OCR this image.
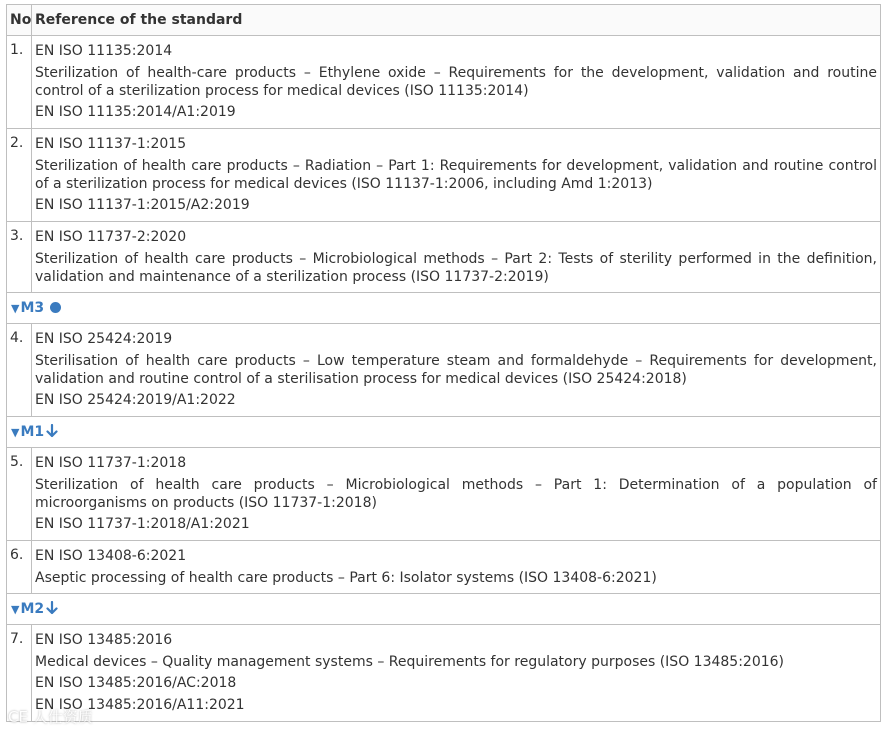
No	Reference of the standard
1.	EN ISO 11135:2014
Sterilization of health-care products – Ethylene oxide – Requirements for the development, validation and routine control of a sterilization process for medical devices (ISO 11135:2014)
EN ISO 11135:2014/A1:2019

2.	EN ISO 11137-1:2015
Sterilization of health care products – Radiation – Part 1: Requirements for development, validation and routine control of a sterilization process for medical devices (ISO 11137-1:2006, including Amd 1:2013)
EN ISO 11137-1:2015/A2:2019

3.	EN ISO 11737-2:2020
Sterilization of health care products – Microbiological methods – Part 2: Tests of sterility performed in the definition, validation and maintenance of a sterilization process (ISO 11737-2:2019)

▼M3	
4.	EN ISO 25424:2019
Sterilisation of health care products – Low temperature steam and formaldehyde – Requirements for development, validation and routine control of a sterilisation process for medical devices (ISO 25424:2018)
EN ISO 25424:2019/A1:2022

▼M1	
5.	EN ISO 11737-1:2018
Sterilization of health care products – Microbiological methods – Part 1: Determination of a population of microorganisms on products (ISO 11737-1:2018)
EN ISO 11737-1:2018/A1:2021

6.	EN ISO 13408-6:2021
Aseptic processing of health care products – Part 6: Isolator systems (ISO 13408-6:2021)

▼M2	
7.	EN ISO 13485:2016
Medical devices – Quality management systems – Requirements for regulatory purposes (ISO 13485:2016)
EN ISO 13485:2016/AC:2018
EN ISO 13485:2016/A11:2021
CE 人仕资质
